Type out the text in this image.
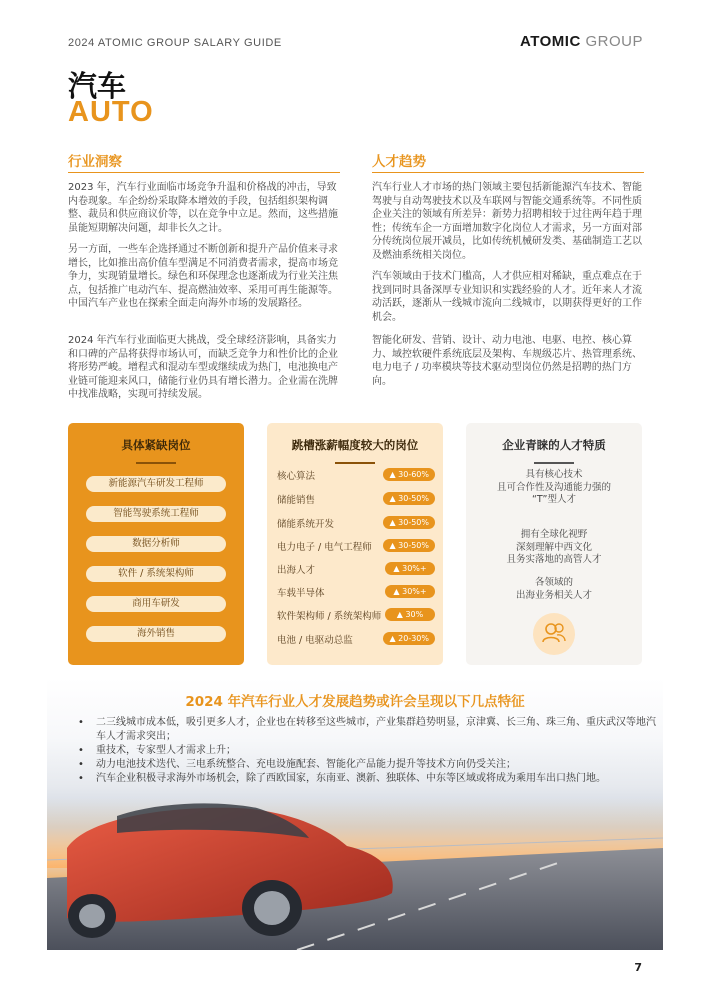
2024 ATOMIC GROUP SALARY GUIDE	ATOMIC GROUP
汽车
AUTO
行业洞察

2023 年，汽车行业面临市场竞争升温和价格战的冲击，导致内卷现象。车企纷纷采取降本增效的手段，包括组织架构调整、裁员和供应商议价等，以在竞争中立足。然而，这些措施虽能短期解决问题，却非长久之计。

另一方面，一些车企选择通过不断创新和提升产品价值来寻求增长，比如推出高价值车型满足不同消费者需求，提高市场竞争力，实现销量增长。绿色和环保理念也逐渐成为行业关注焦点，包括推广电动汽车、提高燃油效率、采用可再生能源等。中国汽车产业也在探索全面走向海外市场的发展路径。

2024 年汽车行业面临更大挑战，受全球经济影响，具备实力和口碑的产品将获得市场认可，而缺乏竞争力和性价比的企业将形势严峻。增程式和混动车型或继续成为热门，电池换电产业链可能迎来风口，储能行业仍具有增长潜力。企业需在洗牌中找准战略，实现可持续发展。

人才趋势

汽车行业人才市场的热门领域主要包括新能源汽车技术、智能驾驶与自动驾驶技术以及车联网与智能交通系统等。不同性质企业关注的领域有所差异：新势力招聘相较于过往两年趋于理性；传统车企一方面增加数字化岗位人才需求，另一方面对部分传统岗位展开减员，比如传统机械研发类、基础制造工艺以及燃油系统相关岗位。

汽车领域由于技术门槛高，人才供应相对稀缺，重点难点在于找到同时具备深厚专业知识和实践经验的人才。近年来人才流动活跃，逐渐从一线城市流向二线城市，以期获得更好的工作机会。

智能化研发、营销、设计、动力电池、电驱、电控、核心算力、域控软硬件系统底层及架构、车规级芯片、热管理系统、电力电子 / 功率模块等技术驱动型岗位仍然是招聘的热门方向。

具体紧缺岗位
新能源汽车研发工程师
智能驾驶系统工程师
数据分析师
软件 / 系统架构师
商用车研发
海外销售
跳槽涨薪幅度较大的岗位
核心算法	▲ 30-60%
储能销售	▲ 30-50%
储能系统开发	▲ 30-50%
电力电子 / 电气工程师	▲ 30-50%
出海人才	▲ 30%+
车载半导体	▲ 30%+
软件架构师 / 系统架构师	▲ 30%
电池 / 电驱动总监	▲ 20-30%
企业青睐的人才特质
具有核心技术
且可合作性及沟通能力强的
“T”型人才
拥有全球化视野
深刻理解中西文化
且务实落地的高管人才
各领域的
出海业务相关人才
2024 年汽车行业人才发展趋势或许会呈现以下几点特征
• 二三线城市成本低，吸引更多人才，企业也在转移至这些城市，产业集群趋势明显，京津冀、长三角、珠三角、重庆武汉等地汽车人才需求突出；
• 重技术，专家型人才需求上升；
• 动力电池技术迭代、三电系统整合、充电设施配套、智能化产品能力提升等技术方向仍受关注；
• 汽车企业积极寻求海外市场机会，除了西欧国家，东南亚、澳新、独联体、中东等区域或将成为乘用车出口热门地。
7
